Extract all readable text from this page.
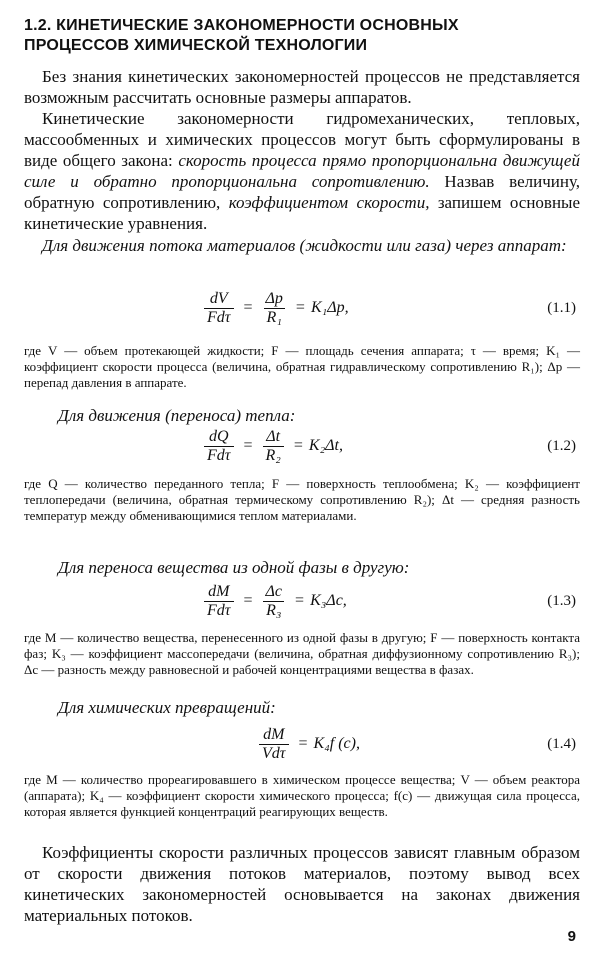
1.2. КИНЕТИЧЕСКИЕ ЗАКОНОМЕРНОСТИ ОСНОВНЫХ
ПРОЦЕССОВ ХИМИЧЕСКОЙ ТЕХНОЛОГИИ

Без знания кинетических закономерностей процессов не представляется возможным рассчитать основные размеры аппаратов.

Кинетические закономерности гидромеханических, тепловых, массообменных и химических процессов могут быть сформулированы в виде общего закона: скорость процесса прямо пропорциональна движущей силе и обратно пропорциональна сопротивлению. Назвав величину, обратную сопротивлению, коэффициентом скорости, запишем основные кинетические уравнения.

Для движения потока материалов (жидкости или газа) через аппарат:

$\frac{dV}{\text{Fdτ}} = \frac{\Delta p}{\text{R₁}} = K_1\Delta p$,	(1.1)
где V — объем протекающей жидкости; F — площадь сечения аппарата; τ — время; K₁ — коэффициент скорости процесса (величина, обратная гидравлическому сопротивлению R₁); Δp — перепад давления в аппарате.
Для движения (переноса) тепла:
$\frac{dQ}{\text{Fdτ}} = \frac{\Delta t}{\text{R₂}} = K_2\Delta t$,	(1.2)
где Q — количество переданного тепла; F — поверхность теплообмена; K₂ — коэффициент теплопередачи (величина, обратная термическому сопротивлению R₂); Δt — средняя разность температур между обменивающимися теплом материалами.
Для переноса вещества из одной фазы в другую:
$\frac{dM}{\text{Fdτ}} = \frac{\Delta c}{\text{R₃}} = K_3\Delta c$,	(1.3)
где M — количество вещества, перенесенного из одной фазы в другую; F — поверхность контакта фаз; K₃ — коэффициент массопередачи (величина, обратная диффузионному сопротивлению R₃); Δc — разность между равновесной и рабочей концентрациями вещества в фазах.
Для химических превращений:
$\frac{dM}{\text{Vdτ}} = K_4f$ (c),	(1.4)
где M — количество прореагировавшего в химическом процессе вещества; V — объем реактора (аппарата); K₄ — коэффициент скорости химического процесса; f(c) — движущая сила процесса, которая является функцией концентраций реагирующих веществ.

Коэффициенты скорости различных процессов зависят главным образом от скорости движения потоков материалов, поэтому вывод всех кинетических закономерностей основывается на законах движения материальных потоков.

9
